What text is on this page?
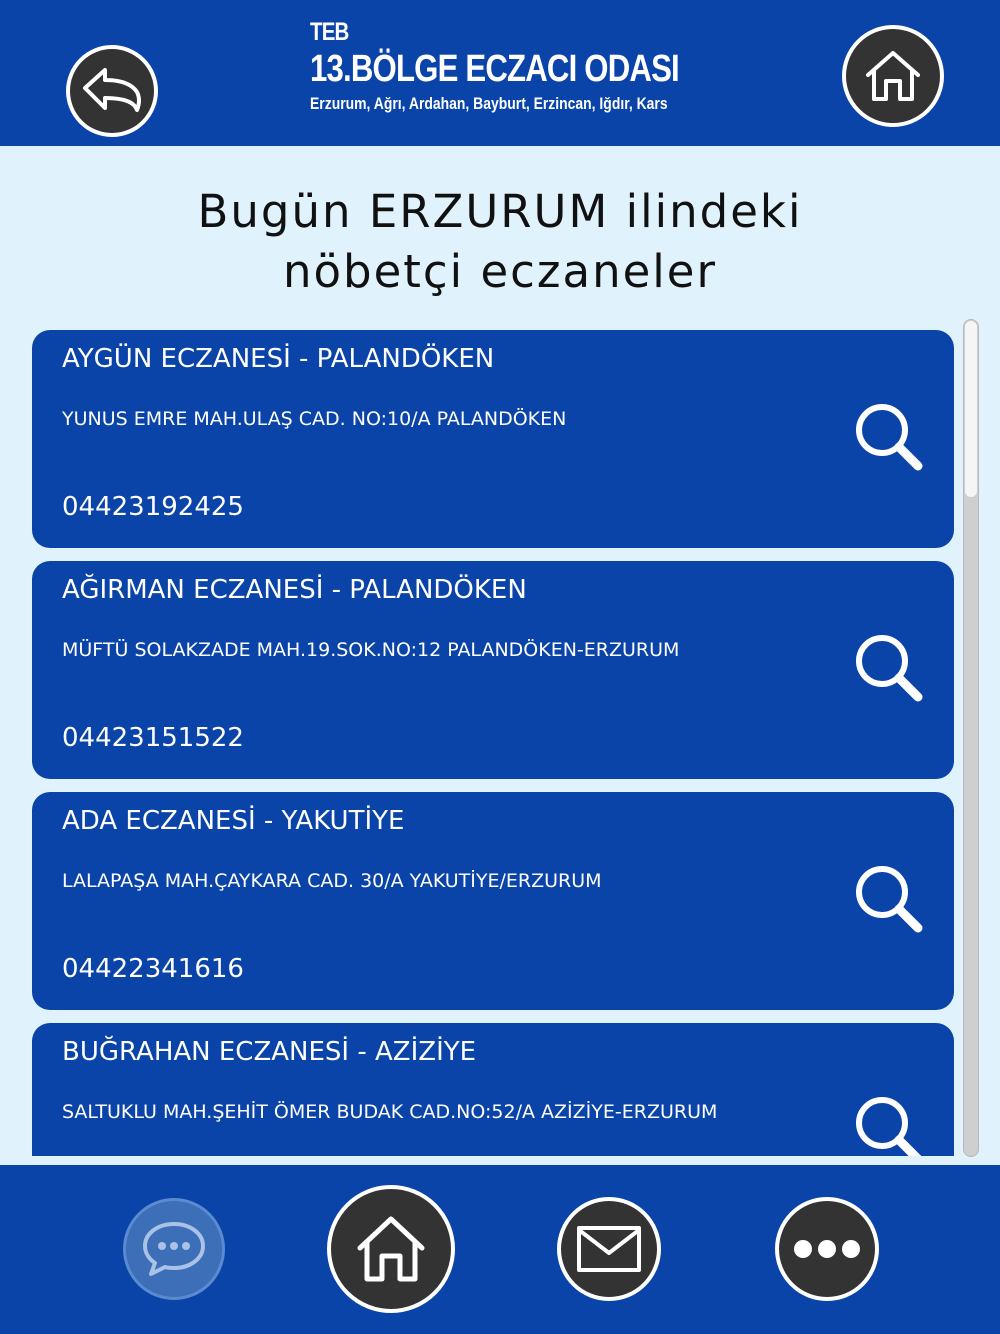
TEB
13.BÖLGE ECZACI ODASI
Erzurum, Ağrı, Ardahan, Bayburt, Erzincan, Iğdır, Kars
Bugün ERZURUM ilindeki
nöbetçi eczaneler
AYGÜN ECZANESİ - PALANDÖKEN
YUNUS EMRE MAH.ULAŞ CAD. NO:10/A PALANDÖKEN
04423192425
AĞIRMAN ECZANESİ - PALANDÖKEN
MÜFTÜ SOLAKZADE MAH.19.SOK.NO:12 PALANDÖKEN-ERZURUM
04423151522
ADA ECZANESİ - YAKUTİYE
LALAPAŞA MAH.ÇAYKARA CAD. 30/A YAKUTİYE/ERZURUM
04422341616
BUĞRAHAN ECZANESİ - AZİZİYE
SALTUKLU MAH.ŞEHİT ÖMER BUDAK CAD.NO:52/A AZİZİYE-ERZURUM
